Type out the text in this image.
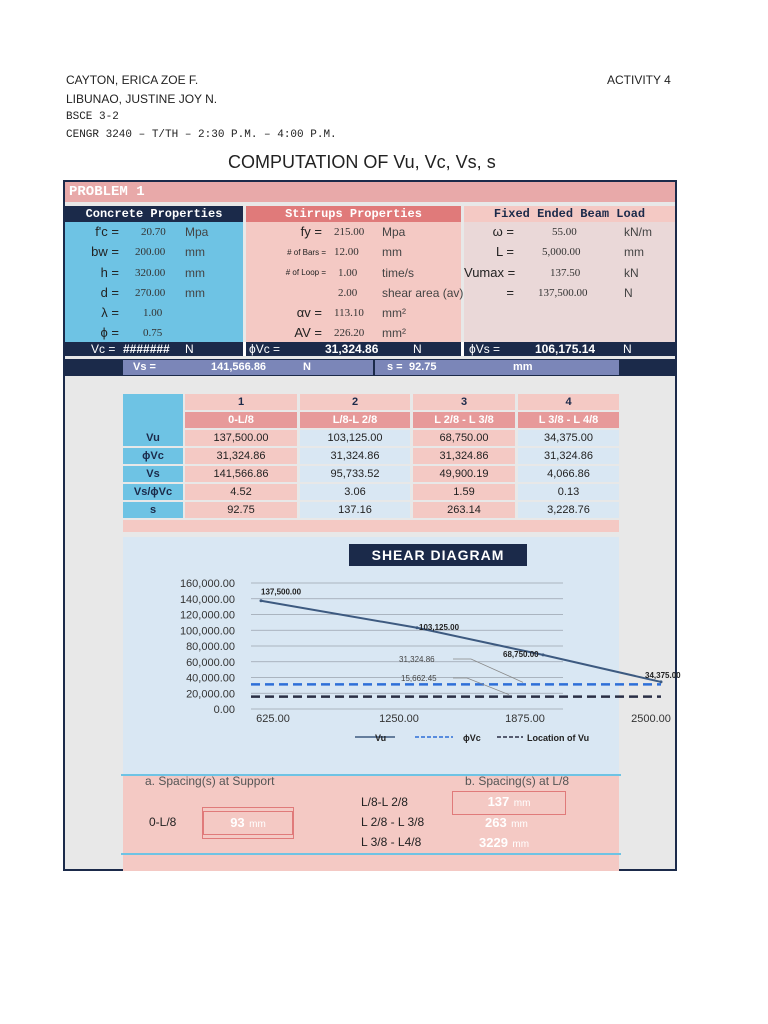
CAYTON, ERICA ZOE F.
LIBUNAO, JUSTINE JOY N.
BSCE 3-2
CENGR 3240 – T/TH – 2:30 P.M. – 4:00 P.M.
ACTIVITY 4
COMPUTATION OF Vu, Vc, Vs, s
PROBLEM 1
Concrete Properties	Stirrups Properties	Fixed Ended Beam Load
f'c = 20.70 Mpa
bw = 200.00 mm
h = 320.00 mm
d = 270.00 mm
λ = 1.00
ϕ = 0.75
fy = 215.00 Mpa
# of Bars = 12.00 mm
# of Loop = 1.00 time/s
2.00 shear area (av)
αv = 113.10 mm²
AV = 226.20 mm²
ω =	55.00	kN/m
L =	5,000.00	mm
Vumax =	137.50	kN
= 137,500.00	N
Vc = ####### N	ϕVc =	31,324.86	N	ϕVs =	106,175.14 N
Vs =	141,566.86	N	s = 92.75	mm
1	2	3	4
0-L/8	L/8-L 2/8	L 2/8 - L 3/8	L 3/8 - L 4/8
Vu	137,500.00	103,125.00	68,750.00	34,375.00
ϕVc	31,324.86	31,324.86	31,324.86	31,324.86
Vs	141,566.86	95,733.52	49,900.19	4,066.86
Vs/ϕVc	4.52	3.06	1.59	0.13
s	92.75	137.16	263.14	3,228.76
SHEAR DIAGRAM
160,000.00
140,000.00
120,000.00
100,000.00
80,000.00
60,000.00
40,000.00
20,000.00
0.00
625.00	1250.00	1875.00	2500.00
137,500.00
103,125.00
68,750.00
34,375.00
31,324.86
15,662.45
Vu	ϕVc	Location of Vu
a. Spacing(s) at Support	b. Spacing(s) at L/8
0-L/8	93 mm
L/8-L 2/8	137 mm
L 2/8 - L 3/8	263 mm
L 3/8 - L4/8	3229 mm
